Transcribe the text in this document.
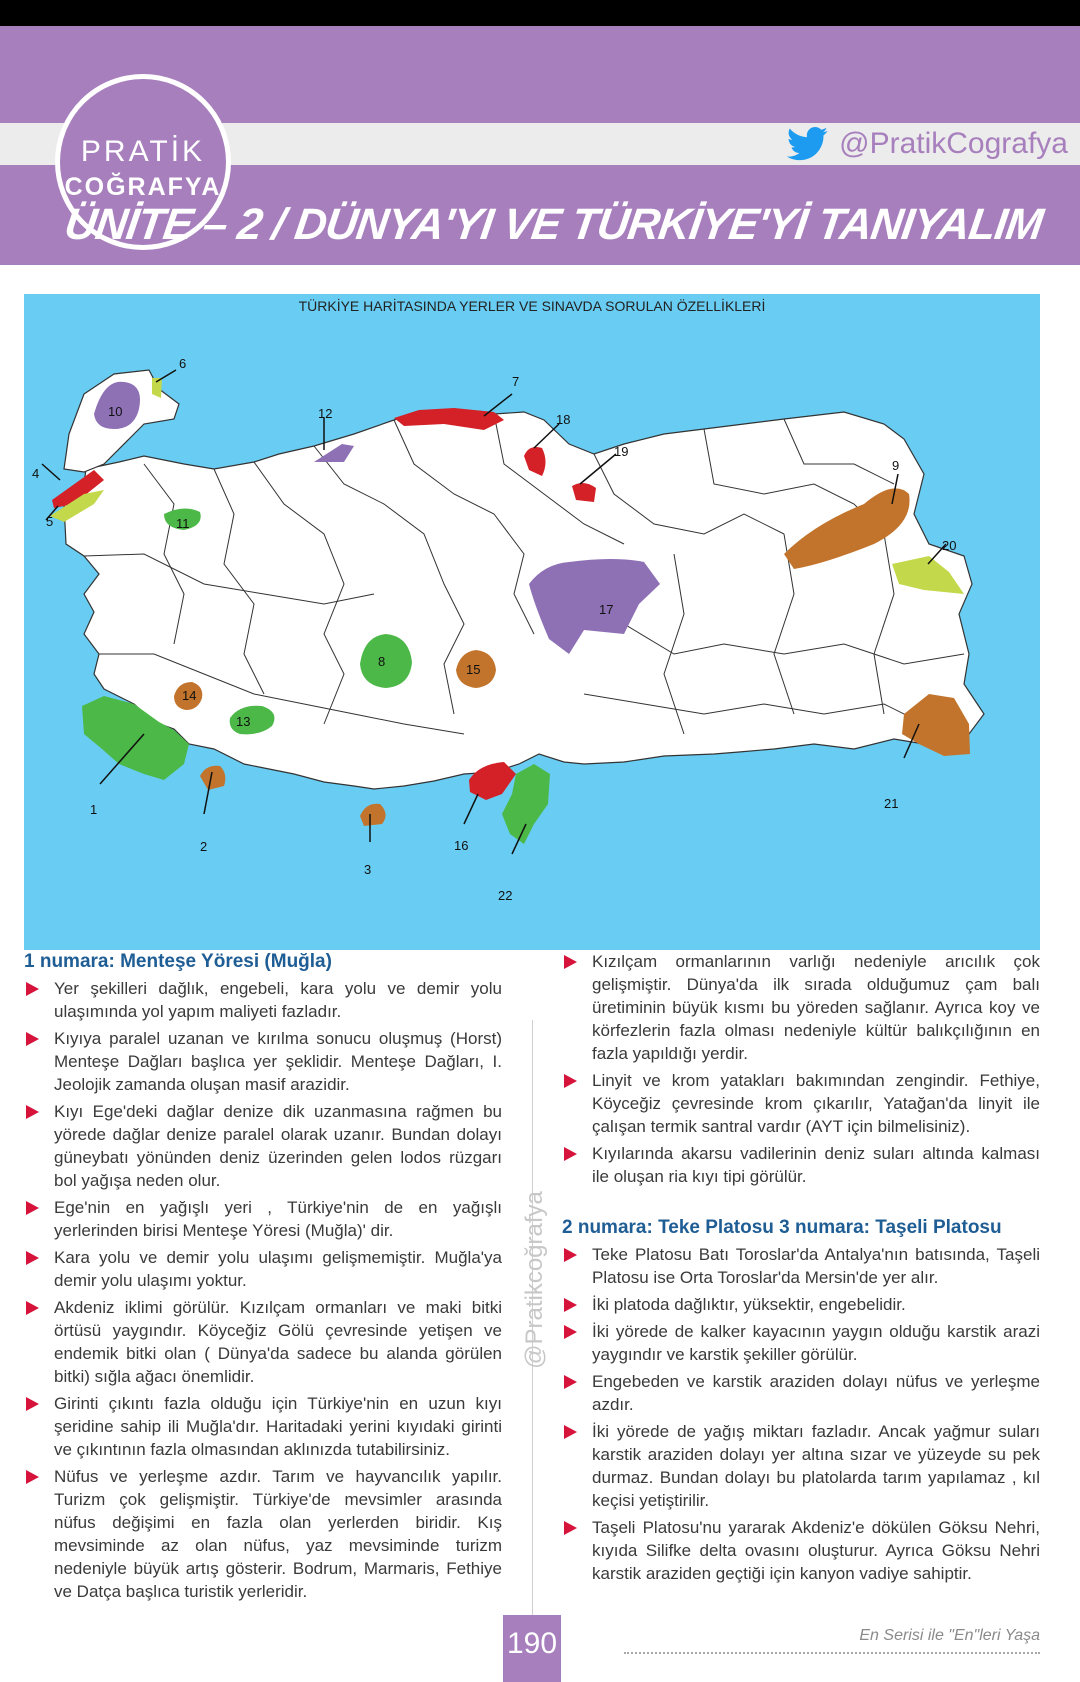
PRATİK
COĞRAFYA
@PratikCografya
ÜNİTE – 2 / DÜNYA'YI VE TÜRKİYE'Yİ TANIYALIM
TÜRKİYE HARİTASINDA YERLER VE SINAVDA SORULAN ÖZELLİKLERİ
1
2
3
4
5
6
7
8
9
10
11
12
13
14
15
16
17
18
19
20
21
22
1 numara: Menteşe Yöresi (Muğla)
Yer şekilleri dağlık, engebeli, kara yolu ve demir yolu ulaşımında yol yapım maliyeti fazladır.
Kıyıya paralel uzanan ve kırılma sonucu oluşmuş (Horst) Menteşe Dağları başlıca yer şeklidir. Menteşe Dağları, I. Jeolojik zamanda oluşan masif arazidir.
Kıyı Ege'deki dağlar denize dik uzanmasına rağmen bu yörede dağlar denize paralel olarak uzanır. Bundan dolayı güneybatı yönünden deniz üzerinden gelen lodos rüzgarı bol yağışa neden olur.
Ege'nin en yağışlı yeri , Türkiye'nin de en yağışlı yerlerinden birisi Menteşe Yöresi (Muğla)' dir.
Kara yolu ve demir yolu ulaşımı gelişmemiştir. Muğla'ya demir yolu ulaşımı yoktur.
Akdeniz iklimi görülür. Kızılçam ormanları ve maki bitki örtüsü yaygındır. Köyceğiz Gölü çevresinde yetişen ve endemik bitki olan ( Dünya'da sadece bu alanda görülen bitki) sığla ağacı önemlidir.
Girinti çıkıntı fazla olduğu için Türkiye'nin en uzun kıyı şeridine sahip ili Muğla'dır. Haritadaki yerini kıyıdaki girinti ve çıkıntının fazla olmasından aklınızda tutabilirsiniz.
Nüfus ve yerleşme azdır. Tarım ve hayvancılık yapılır. Turizm çok gelişmiştir. Türkiye'de mevsimler arasında nüfus değişimi en fazla olan yerlerden biridir. Kış mevsiminde az olan nüfus, yaz mevsiminde turizm nedeniyle büyük artış gösterir. Bodrum, Marmaris, Fethiye ve Datça başlıca turistik yerleridir.
@Pratikcoğrafya
Kızılçam ormanlarının varlığı nedeniyle arıcılık çok gelişmiştir. Dünya'da ilk sırada olduğumuz çam balı üretiminin büyük kısmı bu yöreden sağlanır. Ayrıca koy ve körfezlerin fazla olması nedeniyle kültür balıkçılığının en fazla yapıldığı yerdir.
Linyit ve krom yatakları bakımından zengindir. Fethiye, Köyceğiz çevresinde krom çıkarılır, Yatağan'da linyit ile çalışan termik santral vardır (AYT için bilmelisiniz).
Kıyılarında akarsu vadilerinin deniz suları altında kalması ile oluşan ria kıyı tipi görülür.
2 numara: Teke Platosu 3 numara: Taşeli Platosu
Teke Platosu Batı Toroslar'da Antalya'nın batısında, Taşeli Platosu ise Orta Toroslar'da Mersin'de yer alır.
İki platoda dağlıktır, yüksektir, engebelidir.
İki yörede de kalker kayacının yaygın olduğu karstik arazi yaygındır ve karstik şekiller görülür.
Engebeden ve karstik araziden dolayı nüfus ve yerleşme azdır.
İki yörede de yağış miktarı fazladır. Ancak yağmur suları karstik araziden dolayı yer altına sızar ve yüzeyde su pek durmaz. Bundan dolayı bu platolarda tarım yapılamaz , kıl keçisi yetiştirilir.
Taşeli Platosu'nu yararak Akdeniz'e dökülen Göksu Nehri, kıyıda Silifke delta ovasını oluşturur. Ayrıca Göksu Nehri karstik araziden geçtiği için kanyon vadiye sahiptir.
190	En Serisi ile "En"leri Yaşa
